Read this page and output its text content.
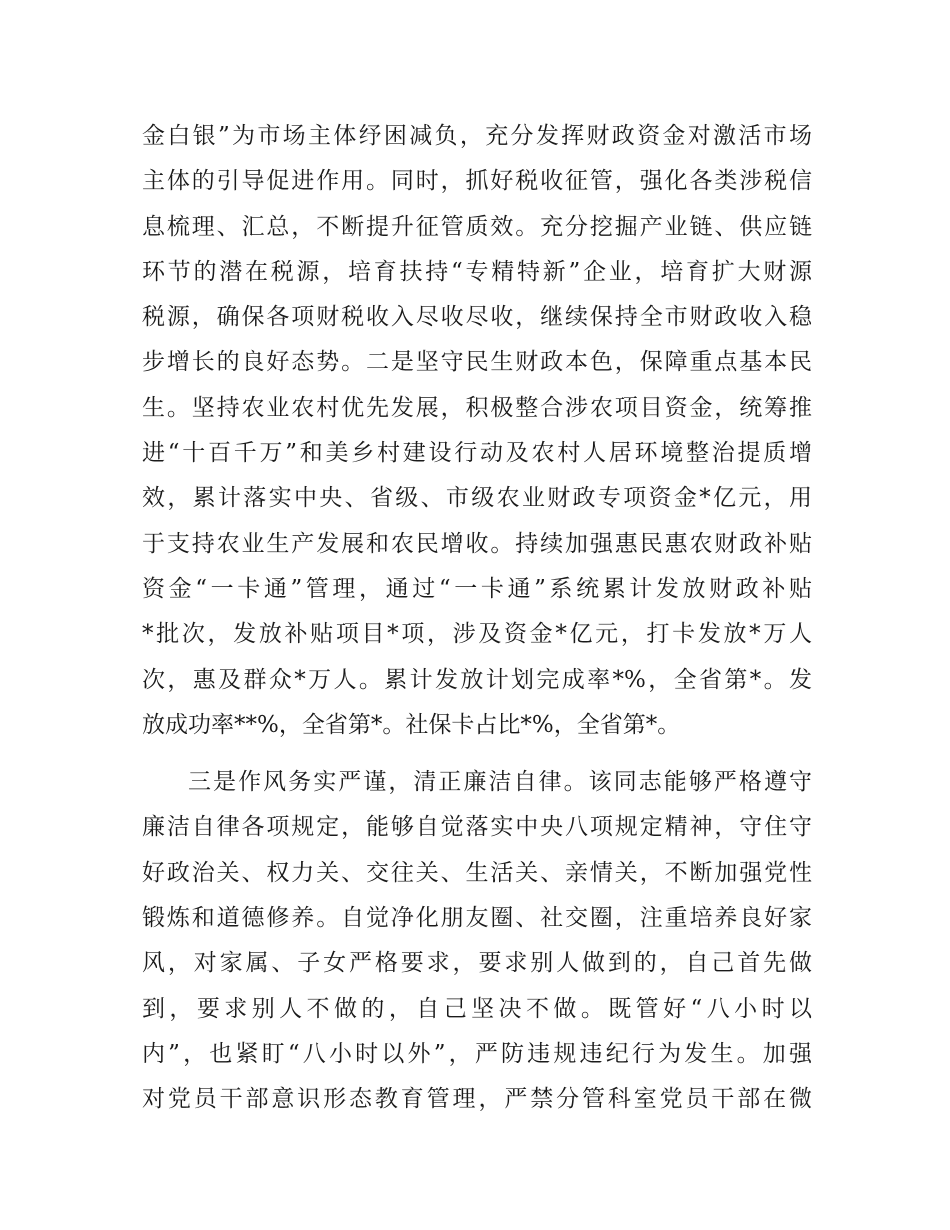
金白银”为市场主体纾困减负，充分发挥财政资金对激活市场
主体的引导促进作用。同时，抓好税收征管，强化各类涉税信
息梳理、汇总，不断提升征管质效。充分挖掘产业链、供应链
环节的潜在税源，培育扶持“专精特新”企业，培育扩大财源
税源，确保各项财税收入尽收尽收，继续保持全市财政收入稳
步增长的良好态势。二是坚守民生财政本色，保障重点基本民
生。坚持农业农村优先发展，积极整合涉农项目资金，统筹推
进“十百千万”和美乡村建设行动及农村人居环境整治提质增
效，累计落实中央、省级、市级农业财政专项资金*亿元，用
于支持农业生产发展和农民增收。持续加强惠民惠农财政补贴
资金“一卡通”管理，通过“一卡通”系统累计发放财政补贴
*批次，发放补贴项目*项，涉及资金*亿元，打卡发放*万人
次，惠及群众*万人。累计发放计划完成率*%，全省第*。发
放成功率**%，全省第*。社保卡占比*%，全省第*。
三是作风务实严谨，清正廉洁自律。该同志能够严格遵守
廉洁自律各项规定，能够自觉落实中央八项规定精神，守住守
好政治关、权力关、交往关、生活关、亲情关，不断加强党性
锻炼和道德修养。自觉净化朋友圈、社交圈，注重培养良好家
风，对家属、子女严格要求，要求别人做到的，自己首先做
到，要求别人不做的，自己坚决不做。既管好“八小时以
内”，也紧盯“八小时以外”，严防违规违纪行为发生。加强
对党员干部意识形态教育管理，严禁分管科室党员干部在微
